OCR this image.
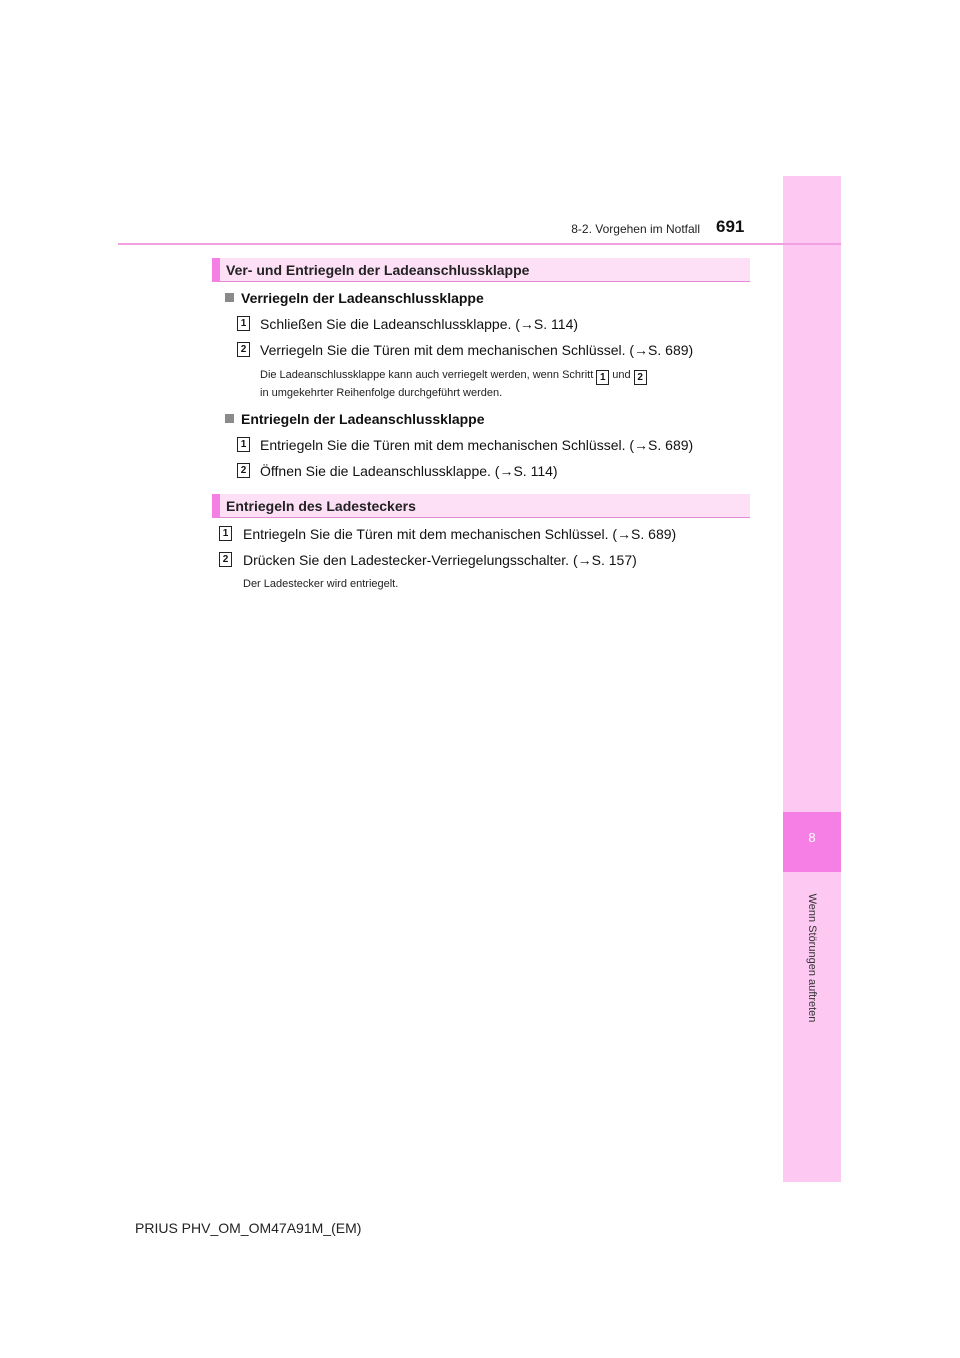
8
Wenn Störungen auftreten
8-2. Vorgehen im Notfall 691
Ver- und Entriegeln der Ladeanschlussklappe
Verriegeln der Ladeanschlussklappe
1 Schließen Sie die Ladeanschlussklappe. (→S. 114)
2 Verriegeln Sie die Türen mit dem mechanischen Schlüssel. (→S. 689)
Die Ladeanschlussklappe kann auch verriegelt werden, wenn Schritt 1 und 2
in umgekehrter Reihenfolge durchgeführt werden.
Entriegeln der Ladeanschlussklappe
1 Entriegeln Sie die Türen mit dem mechanischen Schlüssel. (→S. 689)
2 Öffnen Sie die Ladeanschlussklappe. (→S. 114)
Entriegeln des Ladesteckers
1 Entriegeln Sie die Türen mit dem mechanischen Schlüssel. (→S. 689)
2 Drücken Sie den Ladestecker-Verriegelungsschalter. (→S. 157)
Der Ladestecker wird entriegelt.
PRIUS PHV_OM_OM47A91M_(EM)
